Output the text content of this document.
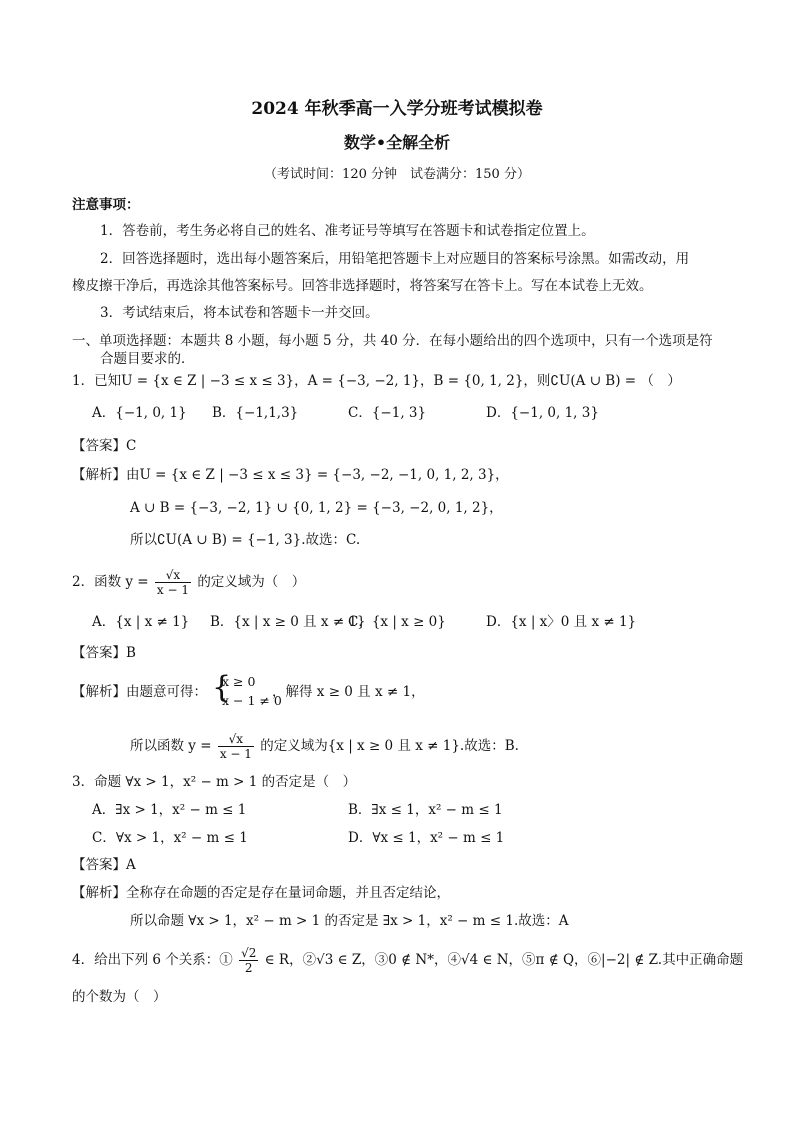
2024 年秋季高一入学分班考试模拟卷
数学•全解全析
（考试时间：120 分钟　试卷满分：150 分）
注意事项：
1．答卷前，考生务必将自己的姓名、准考证号等填写在答题卡和试卷指定位置上。
2．回答选择题时，选出每小题答案后，用铅笔把答题卡上对应题目的答案标号涂黑。如需改动，用
橡皮擦干净后，再选涂其他答案标号。回答非选择题时，将答案写在答卡上。写在本试卷上无效。
3．考试结束后，将本试卷和答题卡一并交回。
一、单项选择题：本题共 8 小题，每小题 5 分，共 40 分．在每小题给出的四个选项中，只有一个选项是符
合题目要求的．
1．已知U = {x ∈ Z | −3 ≤ x ≤ 3}，A = {−3, −2, 1}，B = {0, 1, 2}，则∁U(A ∪ B) = （　）
A．{−1, 0, 1} B．{−1,1,3}	C．{−1, 3}	D．{−1, 0, 1, 3}
【答案】C
【解析】由U = {x ∈ Z | −3 ≤ x ≤ 3} = {−3, −2, −1, 0, 1, 2, 3}，
A ∪ B = {−3, −2, 1} ∪ {0, 1, 2} = {−3, −2, 0, 1, 2}，
所以∁U(A ∪ B) = {−1, 3}.故选：C.
2．函数 $y = \frac{√x}{x - 1}$ 的定义域为（　）
A．{x | x ≠ 1} B．{x | x ≥ 0 且 x ≠ 1}
C．{x | x ≥ 0}	D．{x | x〉0 且 x ≠ 1}
【答案】B
【解析】由题意可得： {
x ≥ 0
x − 1 ≠ 0
，解得 x ≥ 0 且 x ≠ 1，
所以函数 $y = \frac{√x}{x - 1}$ 的定义域为{x | x ≥ 0 且 x ≠ 1}.故选：B.
3．命题 ∀x > 1，x² − m > 1 的否定是（　）
A．∃x > 1，x² − m ≤ 1	B．∃x ≤ 1，x² − m ≤ 1
C．∀x > 1，x² − m ≤ 1	D．∀x ≤ 1，x² − m ≤ 1
【答案】A
【解析】全称存在命题的否定是存在量词命题，并且否定结论，
所以命题 ∀x > 1，x² − m > 1 的否定是 ∃x > 1，x² − m ≤ 1.故选：A
4．给出下列 6 个关系：① $\frac{√2}{2}$ ∈ R，②√3 ∈ Z，③0 ∉ N*，④√4 ∈ N，⑤π ∉ Q，⑥|−2| ∉ Z.其中正确命题
的个数为（　）
